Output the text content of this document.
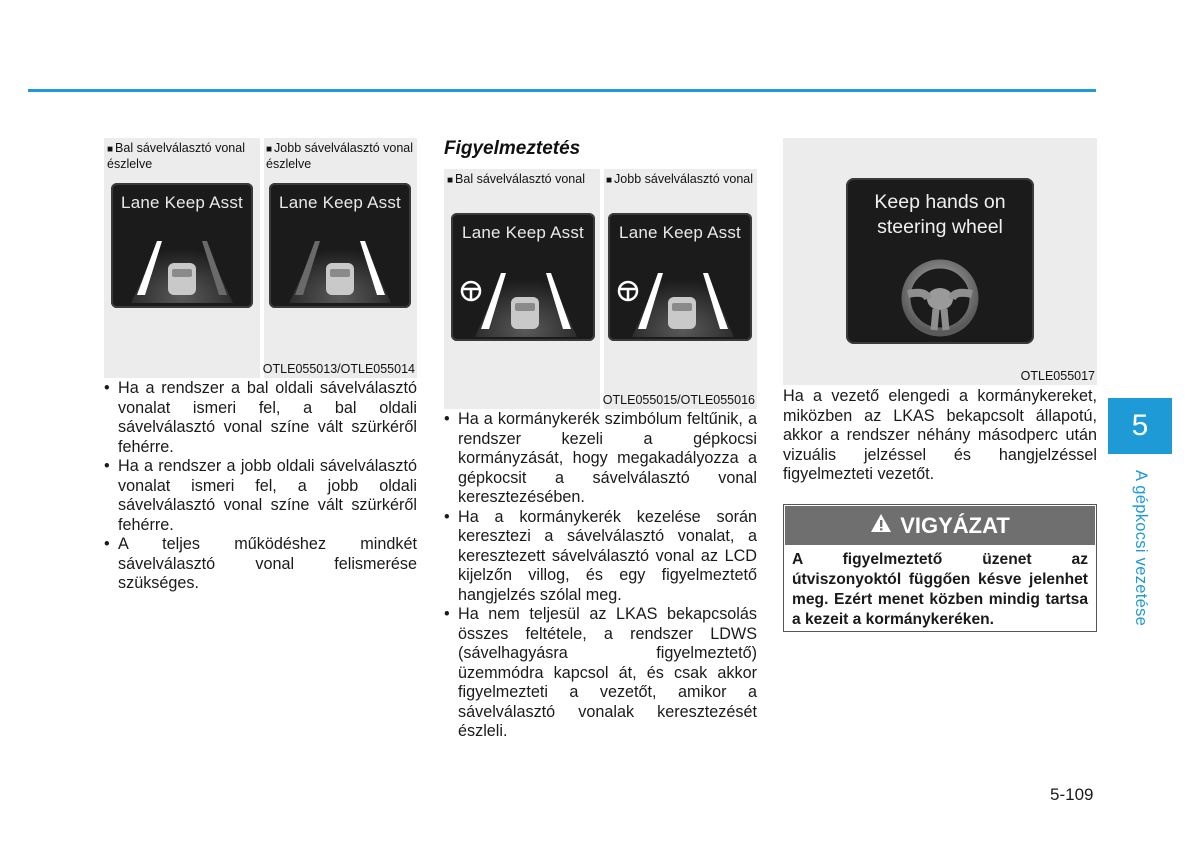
■ Bal sávelválasztó vonal észlelve
■ Jobb sávelválasztó vonal észlelve
Lane Keep Asst	Lane Keep Asst
OTLE055013/OTLE055014
• Ha a rendszer a bal oldali sávelválasztó vonalat ismeri fel, a bal oldali sávelválasztó vonal színe vált szürkéről fehérre.
• Ha a rendszer a jobb oldali sávelválasztó vonalat ismeri fel, a jobb oldali sávelválasztó vonal színe vált szürkéről fehérre.
• A teljes működéshez mindkét sávelválasztó vonal felismerése szükséges.
Figyelmeztetés
■ Bal sávelválasztó vonal	■ Jobb sávelválasztó vonal
Lane Keep Asst	Lane Keep Asst
OTLE055015/OTLE055016
• Ha a kormánykerék szimbólum feltűnik, a rendszer kezeli a gépkocsi kormányzását, hogy megakadályozza a gépkocsit a sávelválasztó vonal keresztezésében.
• Ha a kormánykerék kezelése során keresztezi a sávelválasztó vonalat, a keresztezett sávelválasztó vonal az LCD kijelzőn villog, és egy figyelmeztető hangjelzés szólal meg.
• Ha nem teljesül az LKAS bekapcsolás összes feltétele, a rendszer LDWS (sávelhagyásra figyelmeztető) üzemmódra kapcsol át, és csak akkor figyelmezteti a vezetőt, amikor a sávelválasztó vonalak keresztezését észleli.
Keep hands on
steering wheel
OTLE055017

Ha a vezető elengedi a kormánykereket, miközben az LKAS bekapcsolt állapotú, akkor a rendszer néhány másodperc után vizuális jelzéssel és hangjelzéssel figyelmezteti vezetőt.

VIGYÁZAT
A figyelmeztető üzenet az útviszonyoktól függően késve jelenhet meg. Ezért menet közben mindig tartsa a kezeit a kormánykeréken.
5
A gépkocsi vezetése
5-109
